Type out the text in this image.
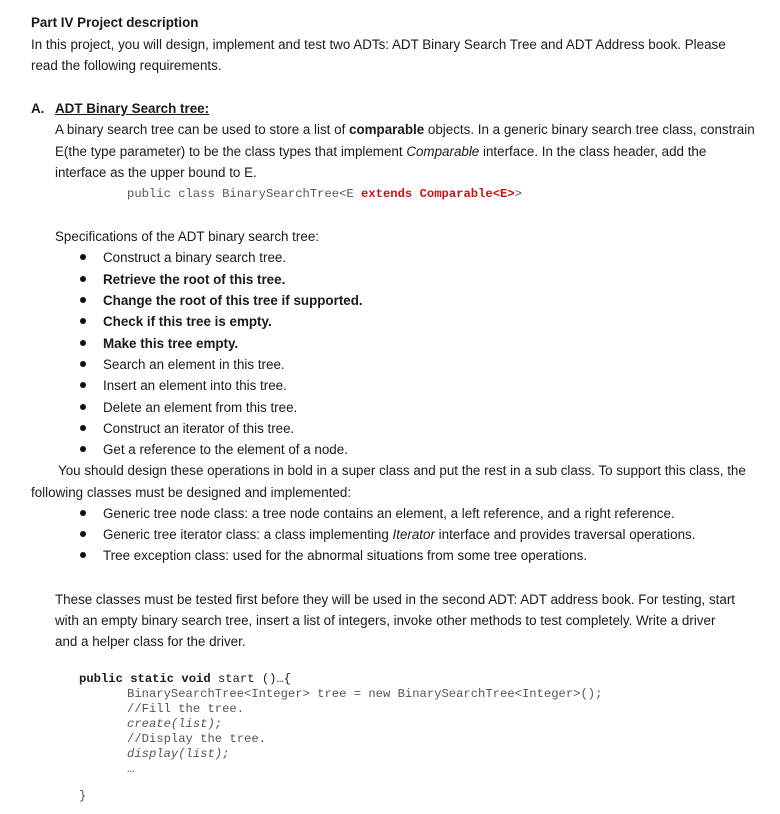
Part IV Project description
In this project, you will design, implement and test two ADTs: ADT Binary Search Tree and ADT Address book. Please
read the following requirements.
A. ADT Binary Search tree:
A binary search tree can be used to store a list of comparable objects. In a generic binary search tree class, constrain
E(the type parameter) to be the class types that implement Comparable interface. In the class header, add the
interface as the upper bound to E.
public class BinarySearchTree<E extends Comparable<E>>
Specifications of the ADT binary search tree:
Construct a binary search tree.
Retrieve the root of this tree.
Change the root of this tree if supported.
Check if this tree is empty.
Make this tree empty.
Search an element in this tree.
Insert an element into this tree.
Delete an element from this tree.
Construct an iterator of this tree.
Get a reference to the element of a node.
You should design these operations in bold in a super class and put the rest in a sub class. To support this class, the
following classes must be designed and implemented:
Generic tree node class: a tree node contains an element, a left reference, and a right reference.
Generic tree iterator class: a class implementing Iterator interface and provides traversal operations.
Tree exception class: used for the abnormal situations from some tree operations.
These classes must be tested first before they will be used in the second ADT: ADT address book. For testing, start
with an empty binary search tree, insert a list of integers, invoke other methods to test completely. Write a driver
and a helper class for the driver.
public static void start ()…{
BinarySearchTree<Integer> tree = new BinarySearchTree<Integer>();
//Fill the tree.
create(list);
//Display the tree.
display(list);
…
}
